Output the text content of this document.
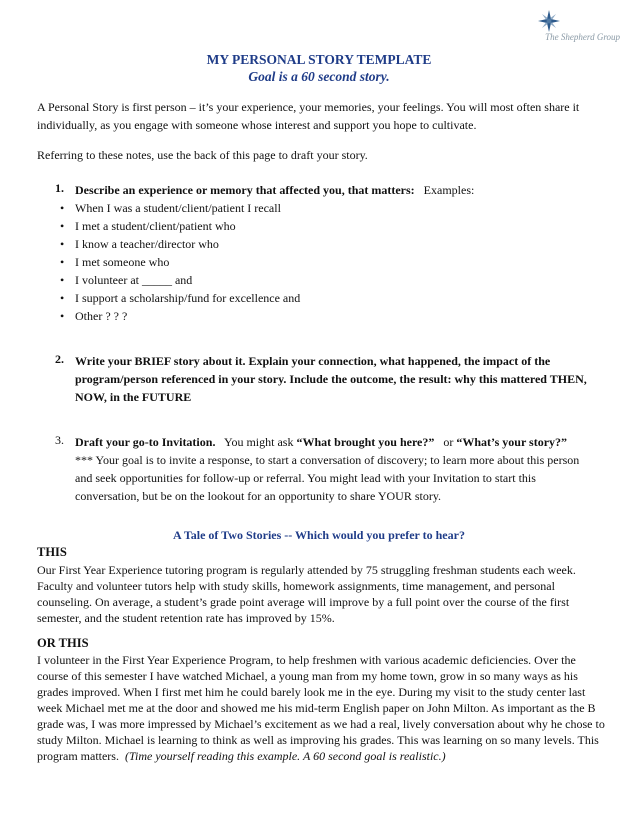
The Shepherd Group
MY PERSONAL STORY TEMPLATE
Goal is a 60 second story.
A Personal Story is first person – it’s your experience, your memories, your feelings. You will most often share it individually, as you engage with someone whose interest and support you hope to cultivate.
Referring to these notes, use the back of this page to draft your story.
1. Describe an experience or memory that affected you, that matters: Examples:
• When I was a student/client/patient I recall
• I met a student/client/patient who
• I know a teacher/director who
• I met someone who
• I volunteer at _____ and
• I support a scholarship/fund for excellence and
• Other ? ? ?
2. Write your BRIEF story about it. Explain your connection, what happened, the impact of the program/person referenced in your story. Include the outcome, the result: why this mattered THEN, NOW, in the FUTURE
3. Draft your go-to Invitation. You might ask “What brought you here?” or “What’s your story?”
*** Your goal is to invite a response, to start a conversation of discovery; to learn more about this person and seek opportunities for follow-up or referral. You might lead with your Invitation to start this conversation, but be on the lookout for an opportunity to share YOUR story.
A Tale of Two Stories -- Which would you prefer to hear?
THIS
Our First Year Experience tutoring program is regularly attended by 75 struggling freshman students each week. Faculty and volunteer tutors help with study skills, homework assignments, time management, and personal counseling. On average, a student’s grade point average will improve by a full point over the course of the first semester, and the student retention rate has improved by 15%.
OR THIS
I volunteer in the First Year Experience Program, to help freshmen with various academic deficiencies. Over the course of this semester I have watched Michael, a young man from my home town, grow in so many ways as his grades improved. When I first met him he could barely look me in the eye. During my visit to the study center last week Michael met me at the door and showed me his mid-term English paper on John Milton. As important as the B grade was, I was more impressed by Michael’s excitement as we had a real, lively conversation about why he chose to study Milton. Michael is learning to think as well as improving his grades. This was learning on so many levels. This program matters. (Time yourself reading this example. A 60 second goal is realistic.)
